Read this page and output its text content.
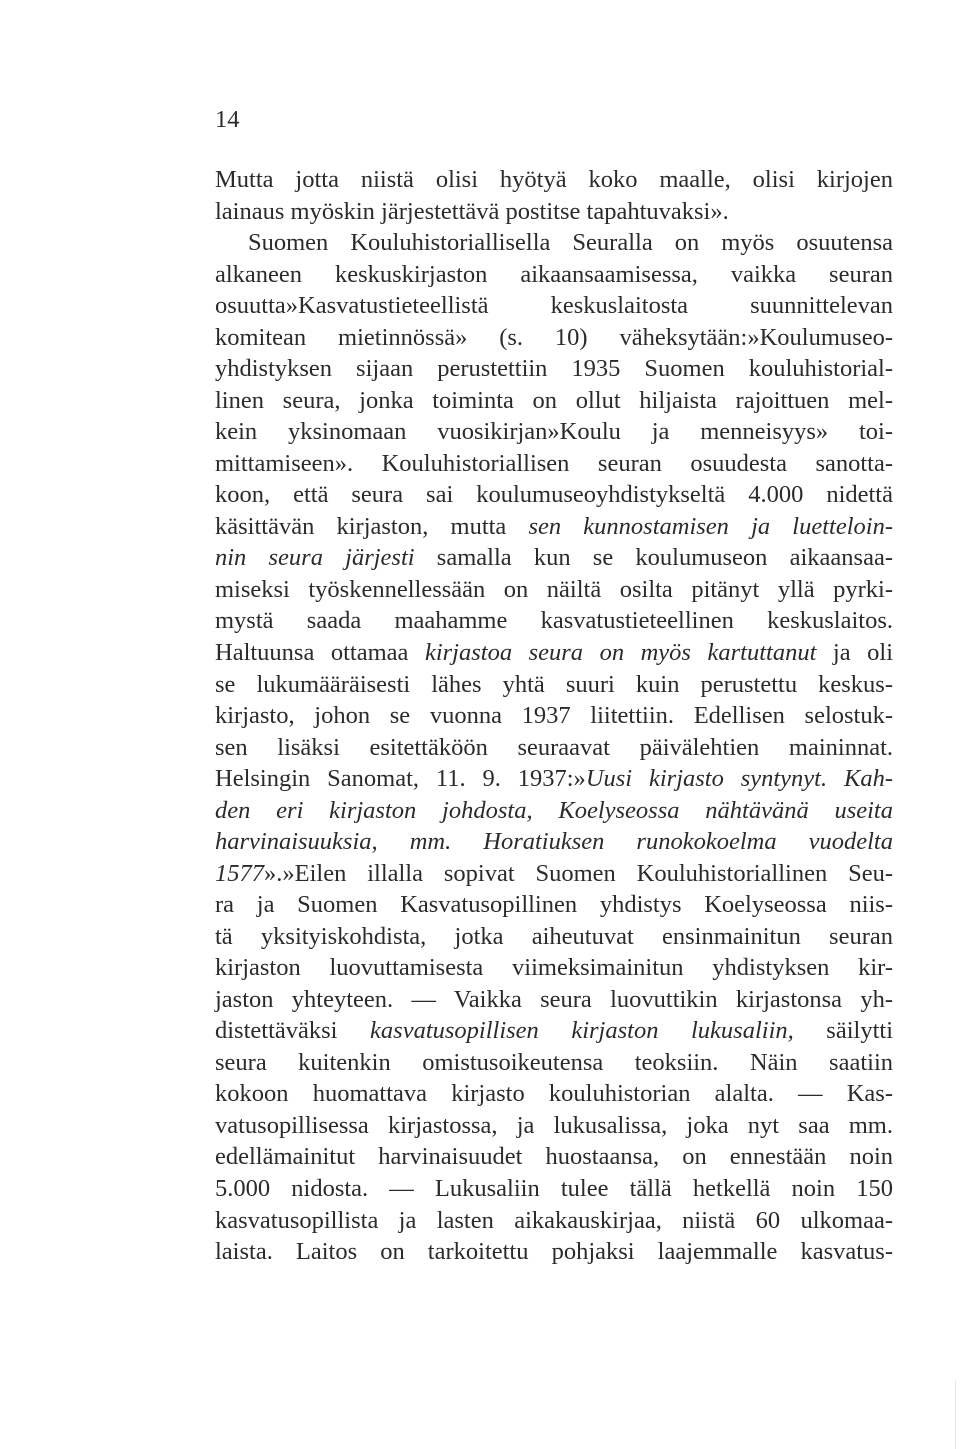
14
Mutta jotta niistä olisi hyötyä koko maalle, olisi kirjojen
lainaus myöskin järjestettävä postitse tapahtuvaksi».
Suomen Kouluhistoriallisella Seuralla on myös osuutensa
alkaneen keskuskirjaston aikaansaamisessa, vaikka seuran
osuutta»Kasvatustieteellistä keskuslaitosta suunnittelevan
komitean mietinnössä» (s. 10) väheksytään:»Koulumuseo-
yhdistyksen sijaan perustettiin 1935 Suomen kouluhistorial-
linen seura, jonka toiminta on ollut hiljaista rajoittuen mel-
kein yksinomaan vuosikirjan»Koulu ja menneisyys» toi-
mittamiseen». Kouluhistoriallisen seuran osuudesta sanotta-
koon, että seura sai koulumuseoyhdistykseltä 4.000 nidettä
käsittävän kirjaston, mutta sen kunnostamisen ja luetteloin-
nin seura järjesti samalla kun se koulumuseon aikaansaa-
miseksi työskennellessään on näiltä osilta pitänyt yllä pyrki-
mystä saada maahamme kasvatustieteellinen keskuslaitos.
Haltuunsa ottamaa kirjastoa seura on myös kartuttanut ja oli
se lukumääräisesti lähes yhtä suuri kuin perustettu keskus-
kirjasto, johon se vuonna 1937 liitettiin. Edellisen selostuk-
sen lisäksi esitettäköön seuraavat päivälehtien maininnat.
Helsingin Sanomat, 11. 9. 1937:»Uusi kirjasto syntynyt. Kah-
den eri kirjaston johdosta, Koelyseossa nähtävänä useita
harvinaisuuksia, mm. Horatiuksen runokokoelma vuodelta
1577».»Eilen illalla sopivat Suomen Kouluhistoriallinen Seu-
ra ja Suomen Kasvatusopillinen yhdistys Koelyseossa niis-
tä yksityiskohdista, jotka aiheutuvat ensinmainitun seuran
kirjaston luovuttamisesta viimeksimainitun yhdistyksen kir-
jaston yhteyteen. — Vaikka seura luovuttikin kirjastonsa yh-
distettäväksi kasvatusopillisen kirjaston lukusaliin, säilytti
seura kuitenkin omistusoikeutensa teoksiin. Näin saatiin
kokoon huomattava kirjasto kouluhistorian alalta. — Kas-
vatusopillisessa kirjastossa, ja lukusalissa, joka nyt saa mm.
edellämainitut harvinaisuudet huostaansa, on ennestään noin
5.000 nidosta. — Lukusaliin tulee tällä hetkellä noin 150
kasvatusopillista ja lasten aikakauskirjaa, niistä 60 ulkomaa-
laista. Laitos on tarkoitettu pohjaksi laajemmalle kasvatus-
